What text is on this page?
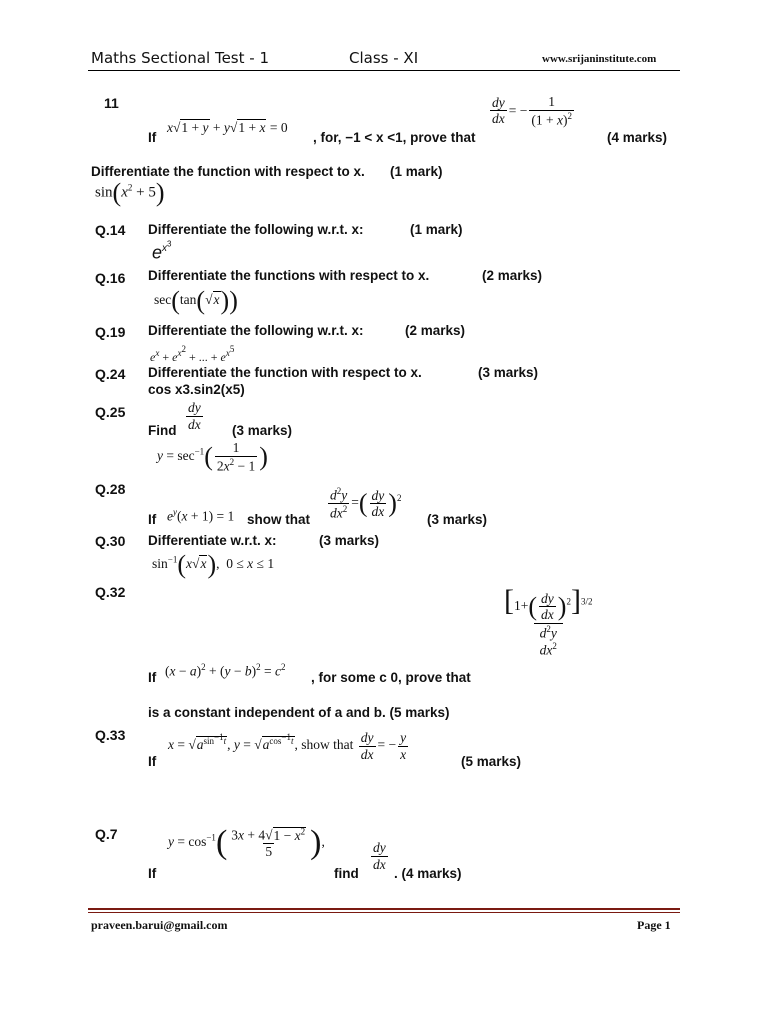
Maths Sectional Test - 1	Class - XI	www.srijaninstitute.com
11	$\frac{dy}{dx}$ = − $\frac{1}{(1 + x)^2}$
If
x√1 + y + y√1 + x = 0
, for, −1 < x <1, prove that	(4 marks)
Differentiate the function with respect to x. (1 mark)
$\sin(x^2 + 5)$
Q.14 Differentiate the following w.r.t. x:	(1 mark)
$e^{x^3}$
Q.16 Differentiate the functions with respect to x.	(2 marks)
sec(tan(√x))
Q.19 Differentiate the following w.r.t. x:	(2 marks)
$e^x + e^{x^2}$ + ... + $e^{x^5}$
Q.24 Differentiate the function with respect to x.	(3 marks)
cos x3.sin2(x5)
Q.25
Find $\frac{dy}{dx} (3$ marks)
$y = \sec^{-1}( \frac{1}{2x^2 - 1}$ )
Q.28
If $e^y(x + 1) = 1$ show that $\frac{d^2y}{dx^2}$ =( $\frac{dy}{dx} )^2$
(3 marks)
Q.30 Differentiate w.r.t. x:	(3 marks)
$\sin^{-1}(x√x)$,  0 ≤ x ≤ 1
Q.32	$[1+( \frac{dy}{dx} )^2]^{3/2}$
$d^2y$
$dx^2$
If $(x - a)^2 + (y - b)^2 = c^2$
, for some c 0, prove that
is a constant independent of a and b. (5 marks)
Q.33
$x = √a^{sin^{-1}t}$, $y = √a^{cos^{-1}t}$, show that $\frac{dy}{dx}$ = − $\frac{y}{x}$
If	(5 marks)
Q.7	$y = \cos^{-1}( \frac{3x + 4√1 - x^2}{5}$ ),
If	find
$\frac{dy}{dx}$
. (4 marks)
praveen.barui@gmail.com	Page 1
